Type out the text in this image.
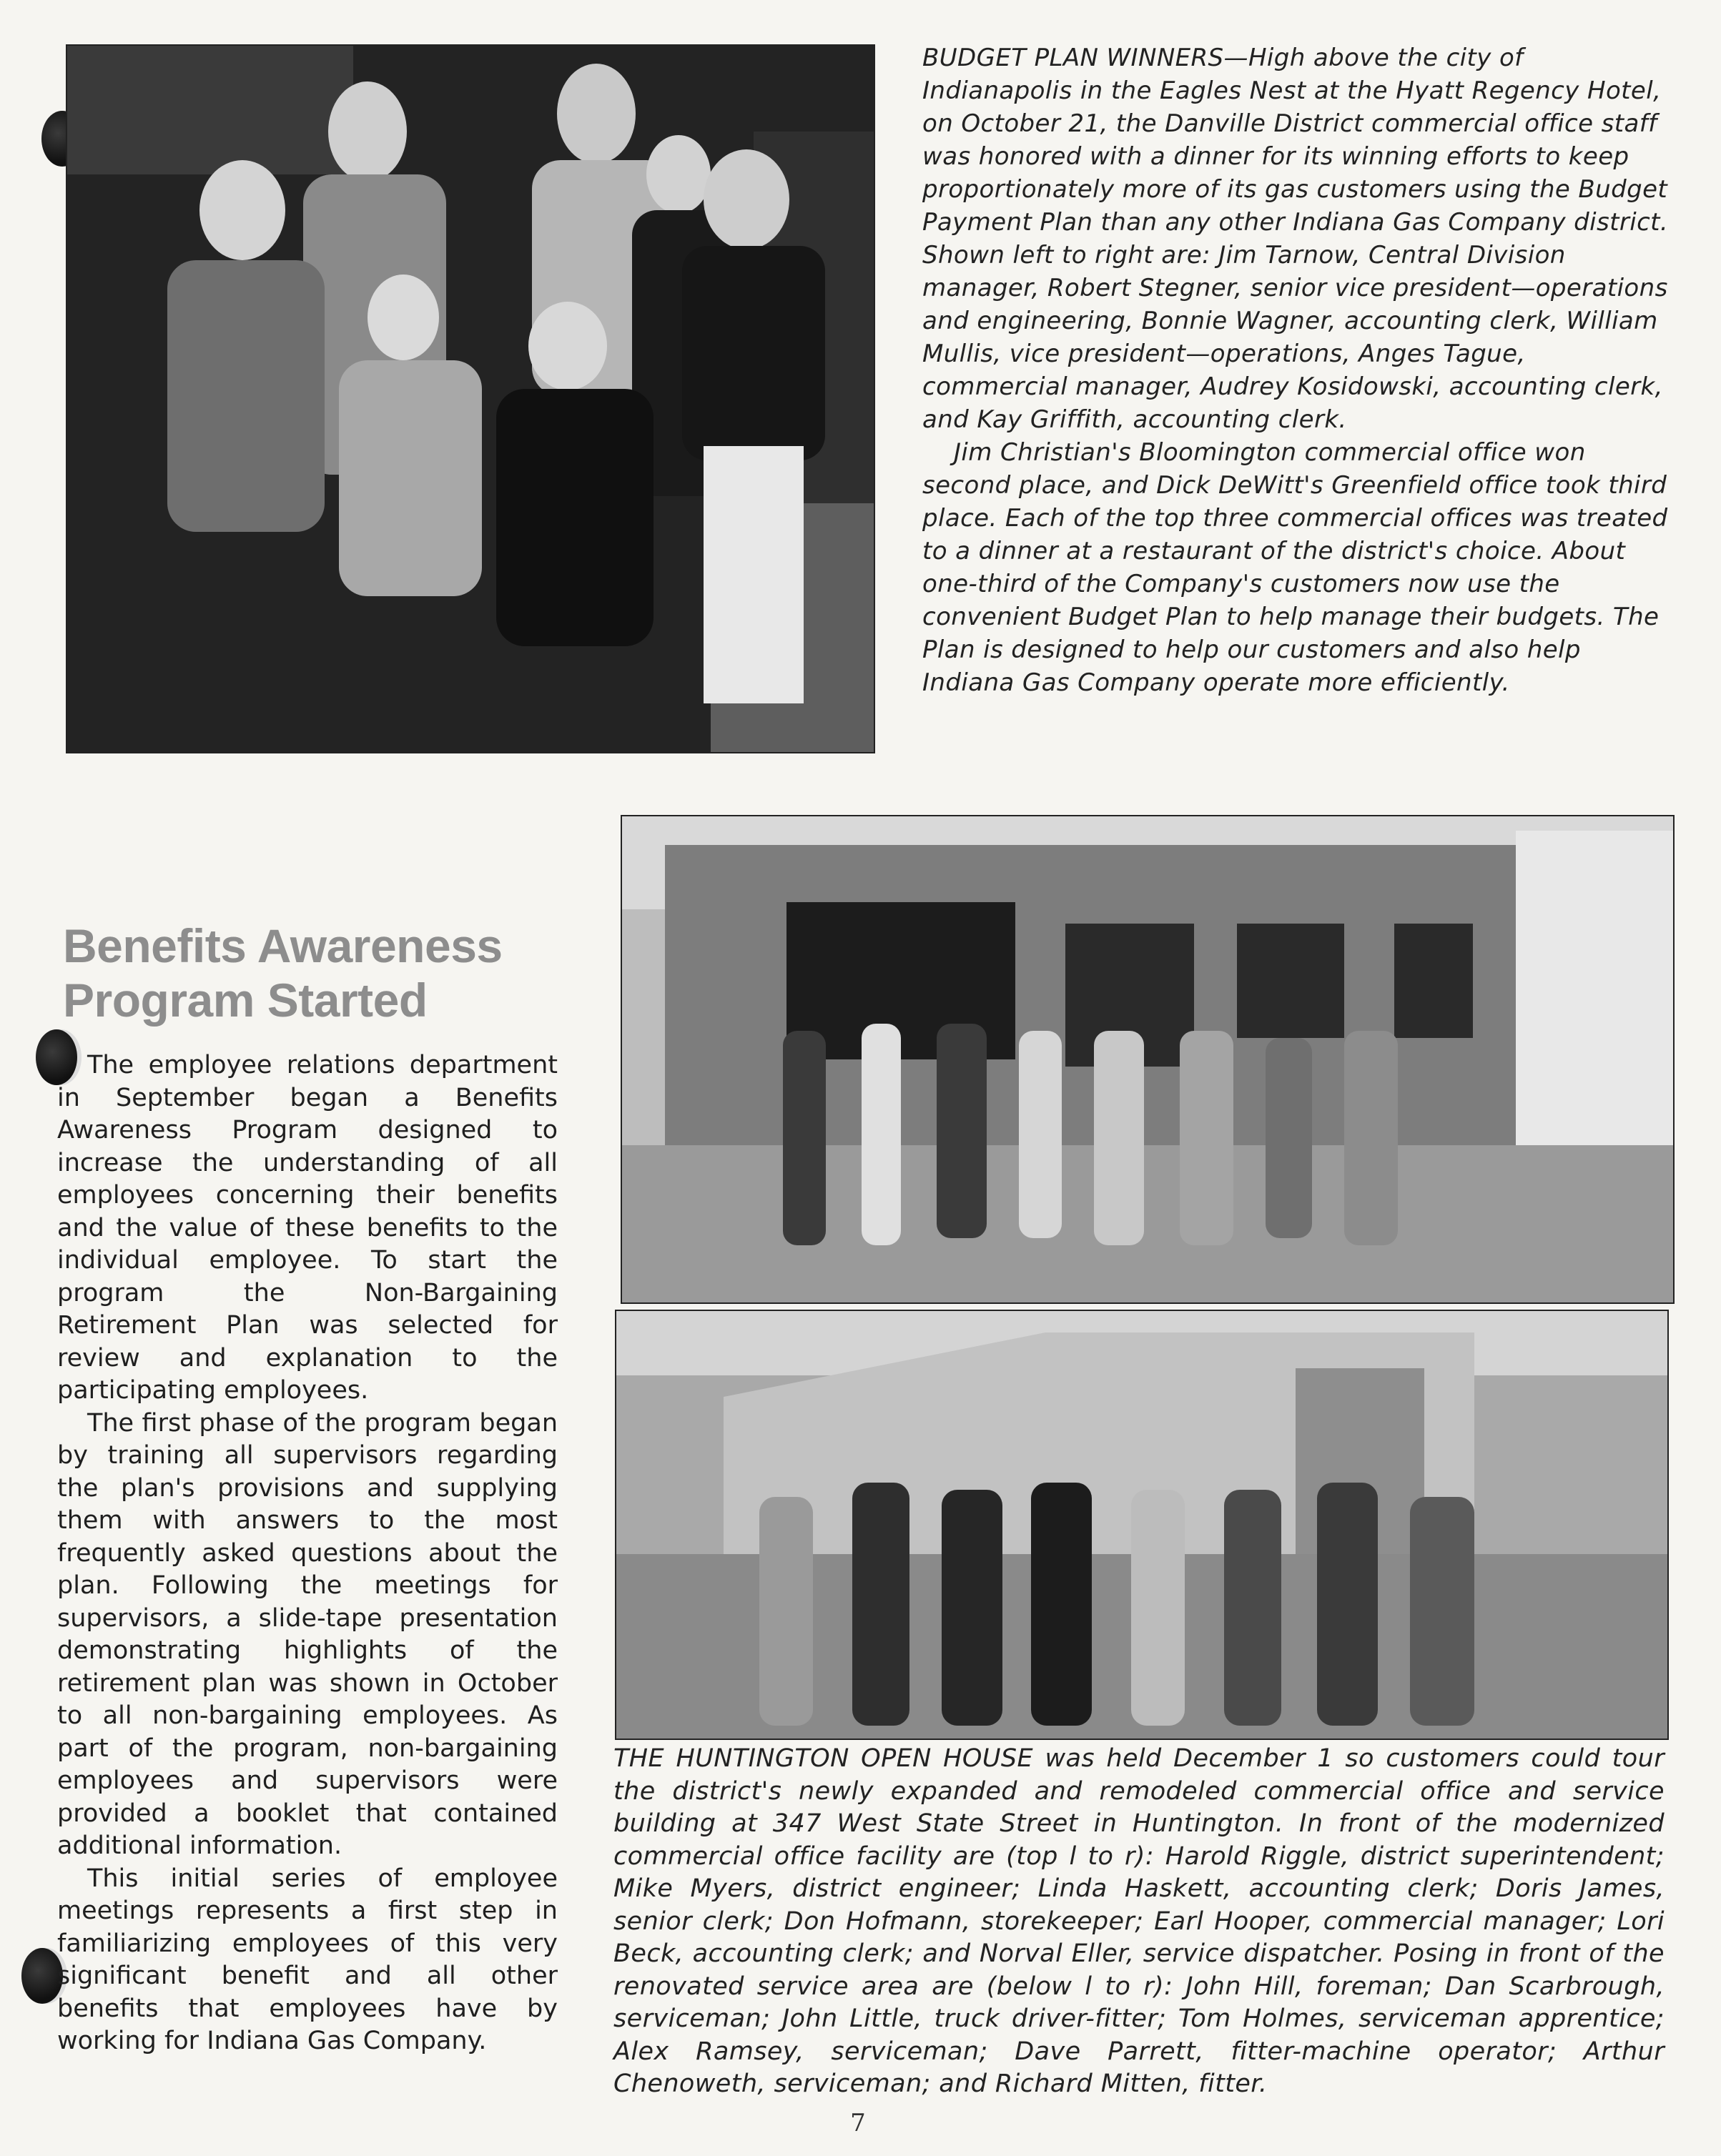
BUDGET PLAN WINNERS—High above the city of Indianapolis in the Eagles Nest at the Hyatt Regency Hotel, on October 21, the Danville District commercial office staff was honored with a dinner for its winning efforts to keep proportionately more of its gas customers using the Budget Payment Plan than any other Indiana Gas Company district. Shown left to right are: Jim Tarnow, Central Division manager, Robert Stegner, senior vice president—operations and engineering, Bonnie Wagner, accounting clerk, William Mullis, vice president—operations, Anges Tague, commercial manager, Audrey Kosidowski, accounting clerk, and Kay Griffith, accounting clerk.

Jim Christian's Bloomington commercial office won second place, and Dick DeWitt's Greenfield office took third place. Each of the top three commercial offices was treated to a dinner at a restaurant of the district's choice. About one-third of the Company's customers now use the convenient Budget Plan to help manage their budgets. The Plan is designed to help our customers and also help Indiana Gas Company operate more efficiently.

Benefits Awareness Program Started

The employee relations department in September began a Benefits Awareness Program designed to increase the understanding of all employees concerning their benefits and the value of these benefits to the individual employee. To start the program the Non-Bargaining Retirement Plan was selected for review and explanation to the participating employees.

The first phase of the program began by training all supervisors regarding the plan's provisions and supplying them with answers to the most frequently asked questions about the plan. Following the meetings for supervisors, a slide-tape presentation demonstrating highlights of the retirement plan was shown in October to all non-bargaining employees. As part of the program, non-bargaining employees and supervisors were provided a booklet that contained additional information.

This initial series of employee meetings represents a first step in familiarizing employees of this very significant benefit and all other benefits that employees have by working for Indiana Gas Company.

THE HUNTINGTON OPEN HOUSE was held December 1 so customers could tour the district's newly expanded and remodeled commercial office and service building at 347 West State Street in Huntington. In front of the modernized commercial office facility are (top l to r): Harold Riggle, district superintendent; Mike Myers, district engineer; Linda Haskett, accounting clerk; Doris James, senior clerk; Don Hofmann, storekeeper; Earl Hooper, commercial manager; Lori Beck, accounting clerk; and Norval Eller, service dispatcher. Posing in front of the renovated service area are (below l to r): John Hill, foreman; Dan Scarbrough, serviceman; John Little, truck driver-fitter; Tom Holmes, serviceman apprentice; Alex Ramsey, serviceman; Dave Parrett, fitter-machine operator; Arthur Chenoweth, serviceman; and Richard Mitten, fitter.

7
